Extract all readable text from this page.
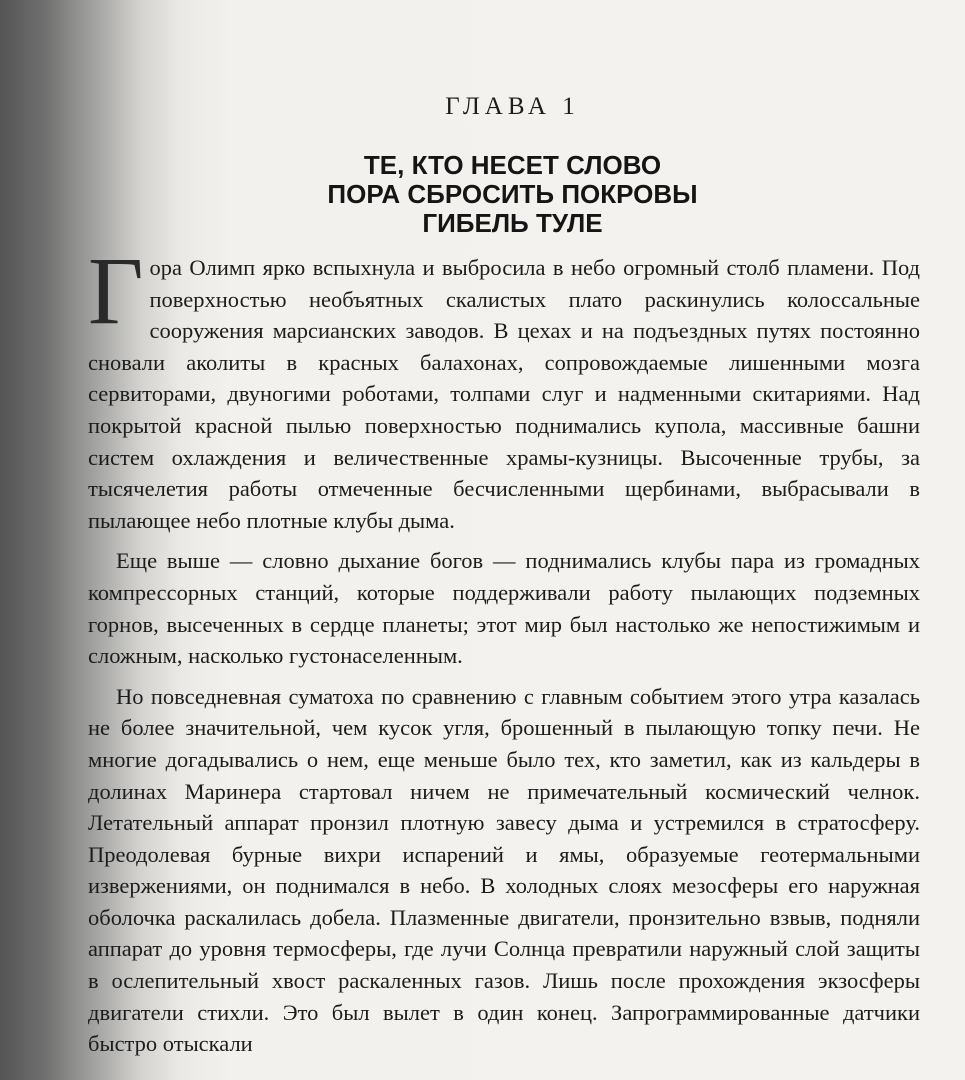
ГЛАВА 1
ТЕ, КТО НЕСЕТ СЛОВО
ПОРА СБРОСИТЬ ПОКРОВЫ
ГИБЕЛЬ ТУЛЕ

Гора Олимп ярко вспыхнула и выбросила в небо огромный столб пламени. Под поверхностью необъятных скалистых плато раскинулись колоссальные сооружения марсианских заводов. В цехах и на подъездных путях постоянно сновали аколиты в красных балахонах, сопровождаемые лишенными мозга сервиторами, двуногими роботами, толпами слуг и надменными скитариями. Над покрытой красной пылью поверхностью поднимались купола, массивные башни систем охлаждения и величественные храмы-кузницы. Высоченные трубы, за тысячелетия работы отмеченные бесчисленными щербинами, выбрасывали в пылающее небо плотные клубы дыма.

Еще выше — словно дыхание богов — поднимались клубы пара из громадных компрессорных станций, которые поддерживали работу пылающих подземных горнов, высеченных в сердце планеты; этот мир был настолько же непостижимым и сложным, насколько густонаселенным.

Но повседневная суматоха по сравнению с главным событием этого утра казалась не более значительной, чем кусок угля, брошенный в пылающую топку печи. Не многие догадывались о нем, еще меньше было тех, кто заметил, как из кальдеры в долинах Маринера стартовал ничем не примечательный космический челнок. Летательный аппарат пронзил плотную завесу дыма и устремился в стратосферу. Преодолевая бурные вихри испарений и ямы, образуемые геотермальными извержениями, он поднимался в небо. В холодных слоях мезосферы его наружная оболочка раскалилась добела. Плазменные двигатели, пронзительно взвыв, подняли аппарат до уровня термосферы, где лучи Солнца превратили наружный слой защиты в ослепительный хвост раскаленных газов. Лишь после прохождения экзосферы двигатели стихли. Это был вылет в один конец. Запрограммированные датчики быстро отыскали
